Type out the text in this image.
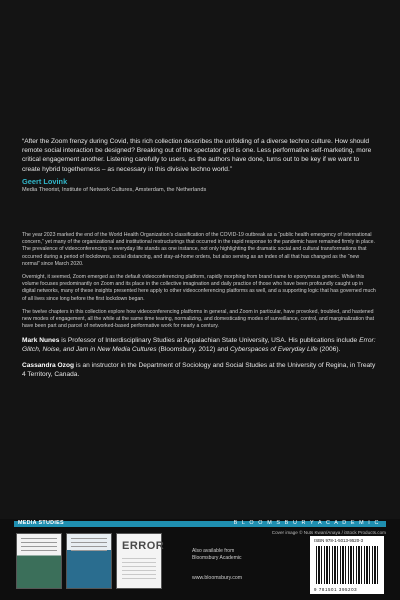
“After the Zoom frenzy during Covid, this rich collection describes the unfolding of a diverse techno culture. How should remote social interaction be designed? Breaking out of the spectator grid is one. Less performative self-marketing, more critical engagement another. Listening carefully to users, as the authors have done, turns out to be key if we want to create hybrid togetherness – as necessary in this divisive techno world.”

Geert Lovink

Media Theorist, Institute of Network Cultures, Amsterdam, the Netherlands

The year 2023 marked the end of the World Health Organization’s classification of the COVID-19 outbreak as a “public health emergency of international concern,” yet many of the organizational and institutional restructurings that occurred in the rapid response to the pandemic have remained firmly in place. The prevalence of videoconferencing in everyday life stands as one instance, not only highlighting the dramatic social and cultural transformations that occurred during a period of lockdowns, social distancing, and stay-at-home orders, but also serving as an index of all that has changed as the “new normal” since March 2020.

Overnight, it seemed, Zoom emerged as the default videoconferencing platform, rapidly morphing from brand name to eponymous generic. While this volume focuses predominantly on Zoom and its place in the collective imagination and daily practice of those who have been profoundly caught up in digital networks, many of these insights presented here apply to other videoconferencing platforms as well, and a supporting logic that has governed much of all lives since long before the first lockdown began.

The twelve chapters in this collection explore how videoconferencing platforms in general, and Zoom in particular, have provoked, troubled, and hastened new modes of engagement, all the while at the same time tearing, normalizing, and domesticating modes of surveillance, control, and marginalization that have been part and parcel of networked-based performative work for nearly a century.

Mark Nunes is Professor of Interdisciplinary Studies at Appalachian State University, USA. His publications include Error: Glitch, Noise, and Jam in New Media Cultures (Bloomsbury, 2012) and Cyberspaces of Everyday Life (2006).

Cassandra Ozog is an instructor in the Department of Sociology and Social Studies at the University of Regina, in Treaty 4 Territory, Canada.

MEDIA STUDIES	B L O O M S B U R Y A C A D E M I C
Cover image © Nuts Kwan/Anaya / iStock Products.com
ERROR	Also available from
Bloomsbury Academic
www.bloomsbury.com
ISBN 978-1-5013-9520-3
9 781501 395203
